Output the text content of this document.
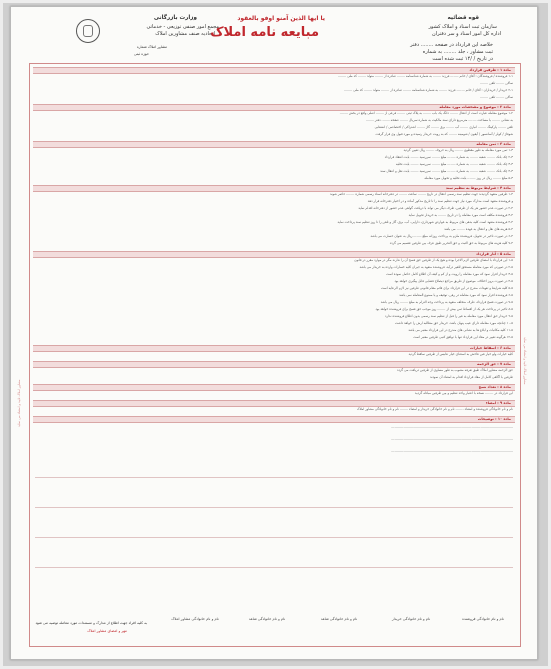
وزارت بازرگانی
مجمع امور صنفی توزیعی - خدماتی
اتحادیه صنف مشاورین املاک
یا ایها الذین آمنو اوفو بالعقود
مبایعه نامه املاک
قوه قضائیه
سازمان ثبت اسناد و املاک کشور
اداره کل امور اسناد و سر دفتران
مشاور املاک شماره
حوزه ثبتی
خلاصه این قرارداد در صفحه ........ دفتر
ثبت مشاور ، جلد ........ به شماره
در تاریخ / /۱۴ ثبت شده است
مشاور املاک تایید و امضاء می نماید
مشاور املاک تایید و امضاء می نماید
ماده ۱ : طرفین قرارداد
۱-۱ فروشنده / فروشندگان : آقای / خانم ........ فرزند ........ به شماره شناسنامه ........ صادره از ........ متولد ........ کد ملی ........
ساکن ........ تلفن ........
۲-۱ خریدار / خریداران : آقای / خانم ........ فرزند ........ به شماره شناسنامه ........ صادره از ........ متولد ........ کد ملی ........
ساکن ........ تلفن ........
ماده ۲ : موضوع و مشخصات مورد معامله
۱-۲ موضوع معامله عبارت است از انتقال ........ دانگ یک باب ........ به پلاک ثبتی ........ فرعی از ........ اصلی واقع در بخش ........
به نشانی ........ با مساحت ........ مترمربع دارای سند مالکیت به شماره سریال ........ صفحه ........ دفتر ........
تلفن ........ پارکینگ ........ انباری ........ آب ........ برق ........ گاز ........ اشتراکی / اختصاصی / انشعابی
شوفاژ / کولر / آسانسور / آیفون / شومینه ........ که به رویت خریدار رسیده و مورد قبول وی قرار گرفت
ماده ۳ : ثمن معامله
۱-۳ ثمن مورد معامله به طور مقطوع ........ ریال به حروف ........ ریال تعیین گردید
۲-۳ چک بانک ........ شعبه ........ به شماره ........ مبلغ ........ سررسید ........ بابت انعقاد قرارداد
۳-۳ چک بانک ........ شعبه ........ به شماره ........ مبلغ ........ سررسید ........ بابت تخلیه
۴-۳ چک بانک ........ شعبه ........ به شماره ........ مبلغ ........ سررسید ........ بابت نقل و انتقال سند
۵-۳ مبلغ ........ ریال در روز ........ بابت تخلیه و تحویل مورد معامله
ماده ۴ : شرایط مربوط به تنظیم سند
۱-۴ طرفین متعهد گردیدند جهت تنظیم سند رسمی انتقال در تاریخ ........ ساعت ........ در دفترخانه اسناد رسمی شماره ........ حاضر شوند
و فروشنده متعهد است مدارک مورد نیاز جهت تنظیم سند را تا تاریخ مذکور آماده و در اختیار دفترخانه قرار دهد
۲-۴ در صورت عدم حضور هر یک از طرفین، طرف دیگر می تواند با دریافت گواهی عدم حضور از دفترخانه اقدام نماید
۳-۴ فروشنده مکلف است مورد معامله را در تاریخ ........ به خریدار تحویل نماید
۴-۴ فروشنده متعهد است کلیه بدهی های مربوط به عوارض شهرداری، دارایی، آب، برق، گاز و تلفن را تا روز تنظیم سند پرداخت نماید
۵-۴ هزینه های نقل و انتقال به عهده ........ می باشد
۶-۴ در صورت تاخیر در تحویل، فروشنده ملزم به پرداخت روزانه مبلغ ........ ریال به عنوان خسارت می باشد
۷-۴ کلیه هزینه های مربوط به حق الثبت و حق التحریر طبق عرف بین طرفین تقسیم می گردد
ماده ۵ : آثار قرارداد
۱-۵ این قرارداد با امضای طرفین لازم الاجرا بوده و هیچ یک از طرفین حق فسخ آن را ندارند مگر در موارد مقرر در قانون
۲-۵ در صورتی که مورد معامله مستحق للغیر درآید، فروشنده متعهد به جبران کلیه خسارات وارده به خریدار می باشد
۳-۵ خریدار اقرار نمود که مورد معامله را رویت و از کم و کیف آن اطلاع کامل حاصل نموده است
۴-۵ در صورت بروز اختلاف، موضوع از طریق مراجع ذیصلاح قضایی قابل پیگیری خواهد بود
۵-۵ کلیه شرایط و تعهدات مندرج در این قرارداد برای قائم مقام قانونی طرفین نیز لازم الرعایه است
۶-۵ فروشنده اقرار نمود که مورد معامله در رهن، توقیف و یا ممنوع المعامله نمی باشد
۷-۵ در صورت فسخ قرارداد، طرف متخلف متعهد به پرداخت وجه التزام به مبلغ ........ ریال می باشد
۸-۵ تاخیر در پرداخت هر یک از اقساط ثمن بیش از ........ روز موجب حق فسخ برای فروشنده خواهد بود
۹-۵ خریدار حق انتقال مورد معامله به غیر را قبل از تنظیم سند رسمی بدون اطلاع فروشنده ندارد
۱۰-۵ چنانچه مورد معامله دارای عیب پنهان باشد، خریدار حق مطالبه ارش را خواهد داشت
۱۱-۵ کلیه مکاتبات و ابلاغ ها به نشانی های مندرج در این قرارداد معتبر می باشد
۱۲-۵ هرگونه تغییر در مفاد این قرارداد تنها با توافق کتبی طرفین معتبر است
ماده ۶ : اسقاط خیارات
کلیه خیارات ولو خیار غبن فاحش به استثنای خیار تدلیس از طرفین ساقط گردید
ماده ۷ : حق الزحمه
حق الزحمه مشاور املاک طبق تعرفه مصوب به طور مساوی از طرفین دریافت می گردد
طرفین با آگاهی کامل از مفاد قرارداد اقدام به امضاء آن نمودند
ماده ۸ : تعداد نسخ
این قرارداد در ........ نسخه با اعتبار واحد تنظیم و بین طرفین مبادله گردید
ماده ۹ : امضاء
نام و نام خانوادگی فروشنده و امضاء ........ نام و نام خانوادگی خریدار و امضاء ........ نام و نام خانوادگی مشاور املاک
ماده ۱۰ : توضیحات
........................................................................................................................
........................................................................................................................
........................................................................................................................
نام و نام خانوادگی فروشنده
نام و نام خانوادگی خریدار
نام و نام خانوادگی شاهد
نام و نام خانوادگی شاهد
نام و نام خانوادگی مشاور املاک
به کلیه افراد جهت اطلاع از مدارک و مستندات مورد معامله توصیه می شود
مهر و امضای مشاور املاک
